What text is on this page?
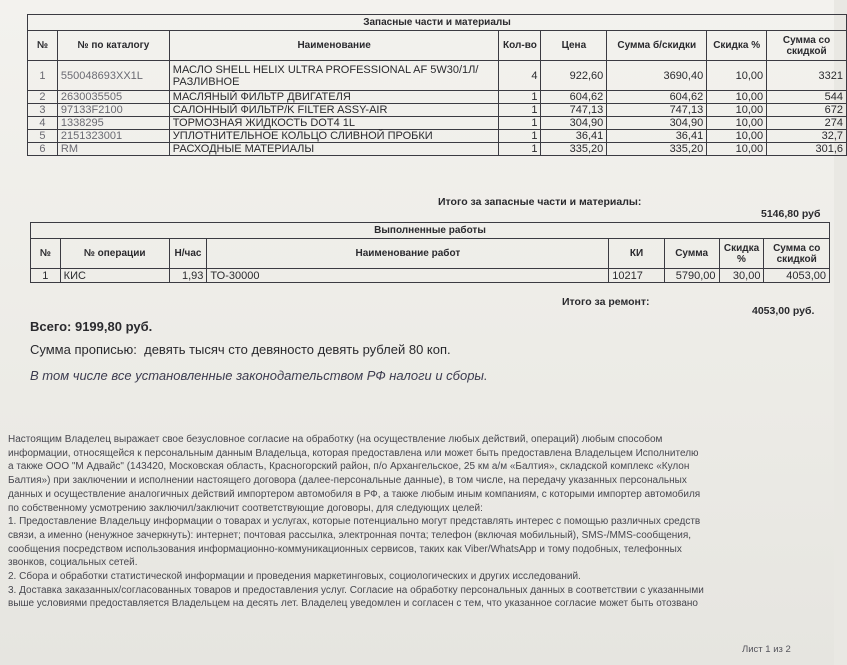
Запасные части и материалы							
№	№ по каталогу	Наименование	Кол-во	Цена	Сумма б/скидки	Скидка %	Сумма со скидкой
1	550048693XX1L	МАСЛО SHELL HELIX ULTRA PROFESSIONAL AF 5W30/1Л/РАЗЛИВНОЕ	4	922,60	3690,40	10,00	3321
2	2630035505	МАСЛЯНЫЙ ФИЛЬТР ДВИГАТЕЛЯ	1	604,62	604,62	10,00	544
3	97133F2100	САЛОННЫЙ ФИЛЬТР/K FILTER ASSY-AIR	1	747,13	747,13	10,00	672
4	1338295	ТОРМОЗНАЯ ЖИДКОСТЬ DOT4 1L	1	304,90	304,90	10,00	274
5	2151323001	УПЛОТНИТЕЛЬНОЕ КОЛЬЦО СЛИВНОЙ ПРОБКИ	1	36,41	36,41	10,00	32,7
6	RM	РАСХОДНЫЕ МАТЕРИАЛЫ	1	335,20	335,20	10,00	301,6
Итого за запасные части и материалы:
5146,80 руб
Выполненные работы							
№	№ операции	Н/час	Наименование работ	КИ	Сумма	Скидка %	Сумма со скидкой
1	КИС	1,93	ТО-30000	10217	5790,00	30,00	4053,00
Итого за ремонт:
4053,00 руб.
Всего: 9199,80 руб.
Сумма прописью:  девять тысяч сто девяносто девять рублей 80 коп.
В том числе все установленные законодательством РФ налоги и сборы.

Настоящим Владелец выражает свое безусловное согласие на обработку (на осуществление любых действий, операций) любым способом

информации, относящейся к персональным данным Владельца, которая предоставлена или может быть предоставлена Владельцем Исполнителю

а также ООО "М Адвайс" (143420, Московская область, Красногорский район, п/о Архангельское, 25 км а/м «Балтия», складской комплекс «Кулон

Балтия») при заключении и исполнении настоящего договора (далее-персональные данные), в том числе, на передачу указанных персональных

данных и осуществление аналогичных действий импортером автомобиля в РФ, а также любым иным компаниям, с которыми импортер автомобиля

по собственному усмотрению заключил/заключит соответствующие договоры, для следующих целей:

1. Предоставление Владельцу информации о товарах и услугах, которые потенциально могут представлять интерес с помощью различных средств

связи, а именно (ненужное зачеркнуть): интернет; почтовая рассылка, электронная почта; телефон (включая мобильный), SMS-/MMS-сообщения,

сообщения посредством использования информационно-коммуникационных сервисов, таких как Viber/WhatsApp и тому подобных, телефонных

звонков, социальных сетей.

2. Сбора и обработки статистической информации и проведения маркетинговых, социологических и других исследований.

3. Доставка заказанных/согласованных товаров и предоставления услуг. Согласие на обработку персональных данных в соответствии с указанными

выше условиями предоставляется Владельцем на десять лет. Владелец уведомлен и согласен с тем, что указанное согласие может быть отозвано

Лист 1 из 2
